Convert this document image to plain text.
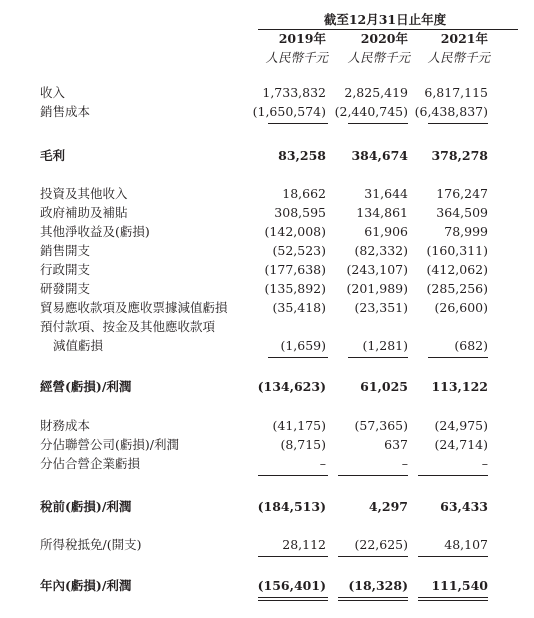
截至12月31日止年度
2019年	2020年	2021年
人民幣千元	人民幣千元	人民幣千元
收入	1,733,832	2,825,419	6,817,115
銷售成本	(1,650,574) (2,440,745) (6,438,837)
毛利	83,258	384,674	378,278
投資及其他收入	18,662	31,644	176,247
政府補助及補貼	308,595	134,861	364,509
其他淨收益及(虧損)	(142,008)	61,906	78,999
銷售開支	(52,523)	(82,332)	(160,311)
行政開支	(177,638)	(243,107)	(412,062)
研發開支	(135,892)	(201,989)	(285,256)
貿易應收款項及應收票據減值虧損	(35,418)	(23,351)	(26,600)
預付款項、按金及其他應收款項
減值虧損	(1,659)	(1,281)	(682)
經營(虧損)/利潤	(134,623)	61,025	113,122
財務成本	(41,175)	(57,365)	(24,975)
分佔聯營公司(虧損)/利潤	(8,715)	637	(24,714)
分佔合營企業虧損	–	–	–
稅前(虧損)/利潤	(184,513)	4,297	63,433
所得稅抵免/(開支)	28,112	(22,625)	48,107
年內(虧損)/利潤	(156,401)	(18,328)	111,540
